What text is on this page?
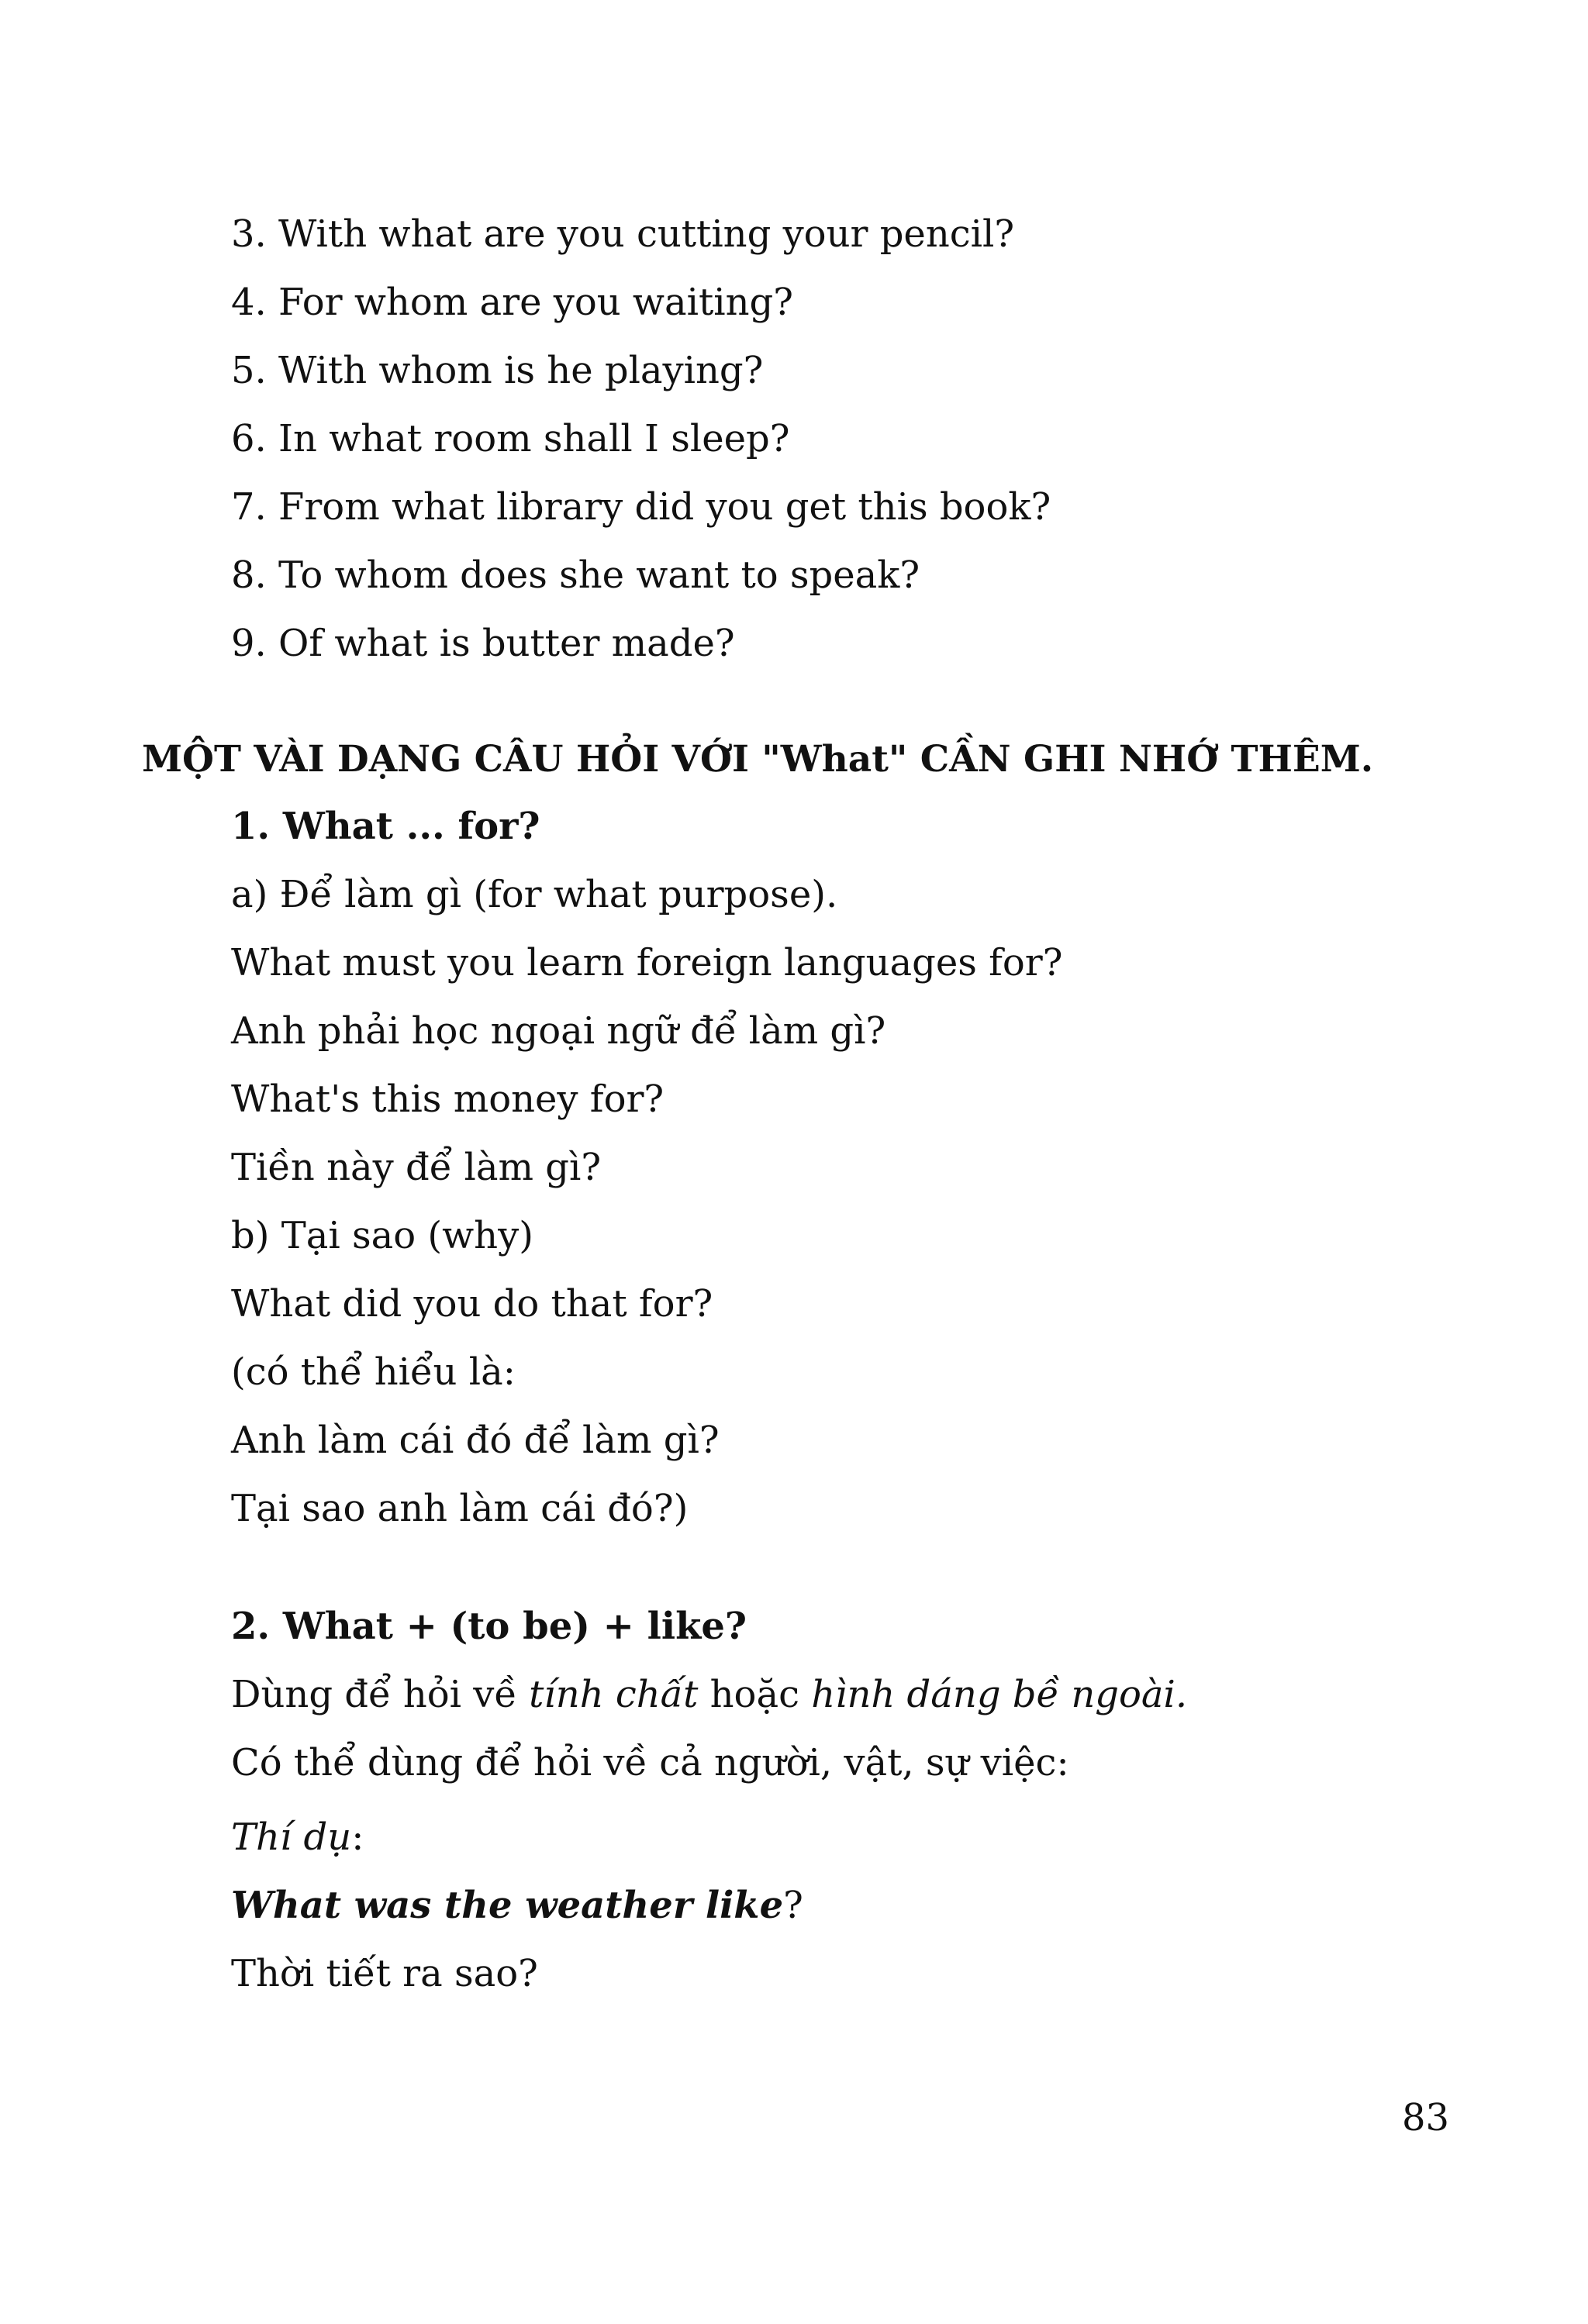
3. With what are you cutting your pencil?
4. For whom are you waiting?
5. With whom is he playing?
6. In what room shall I sleep?
7. From what library did you get this book?
8. To whom does she want to speak?
9. Of what is butter made?
MỘT VÀI DẠNG CÂU HỎI VỚI "What" CẦN GHI NHỚ THÊM.
1. What ... for?
a) Để làm gì (for what purpose).
What must you learn foreign languages for?
Anh phải học ngoại ngữ để làm gì?
What's this money for?
Tiền này để làm gì?
b) Tại sao (why)
What did you do that for?
(có thể hiểu là:
Anh làm cái đó để làm gì?
Tại sao anh làm cái đó?)
2. What + (to be) + like?
Dùng để hỏi về tính chất hoặc hình dáng bề ngoài.
Có thể dùng để hỏi về cả người, vật, sự việc:
Thí dụ:
What was the weather like?
Thời tiết ra sao?
83
